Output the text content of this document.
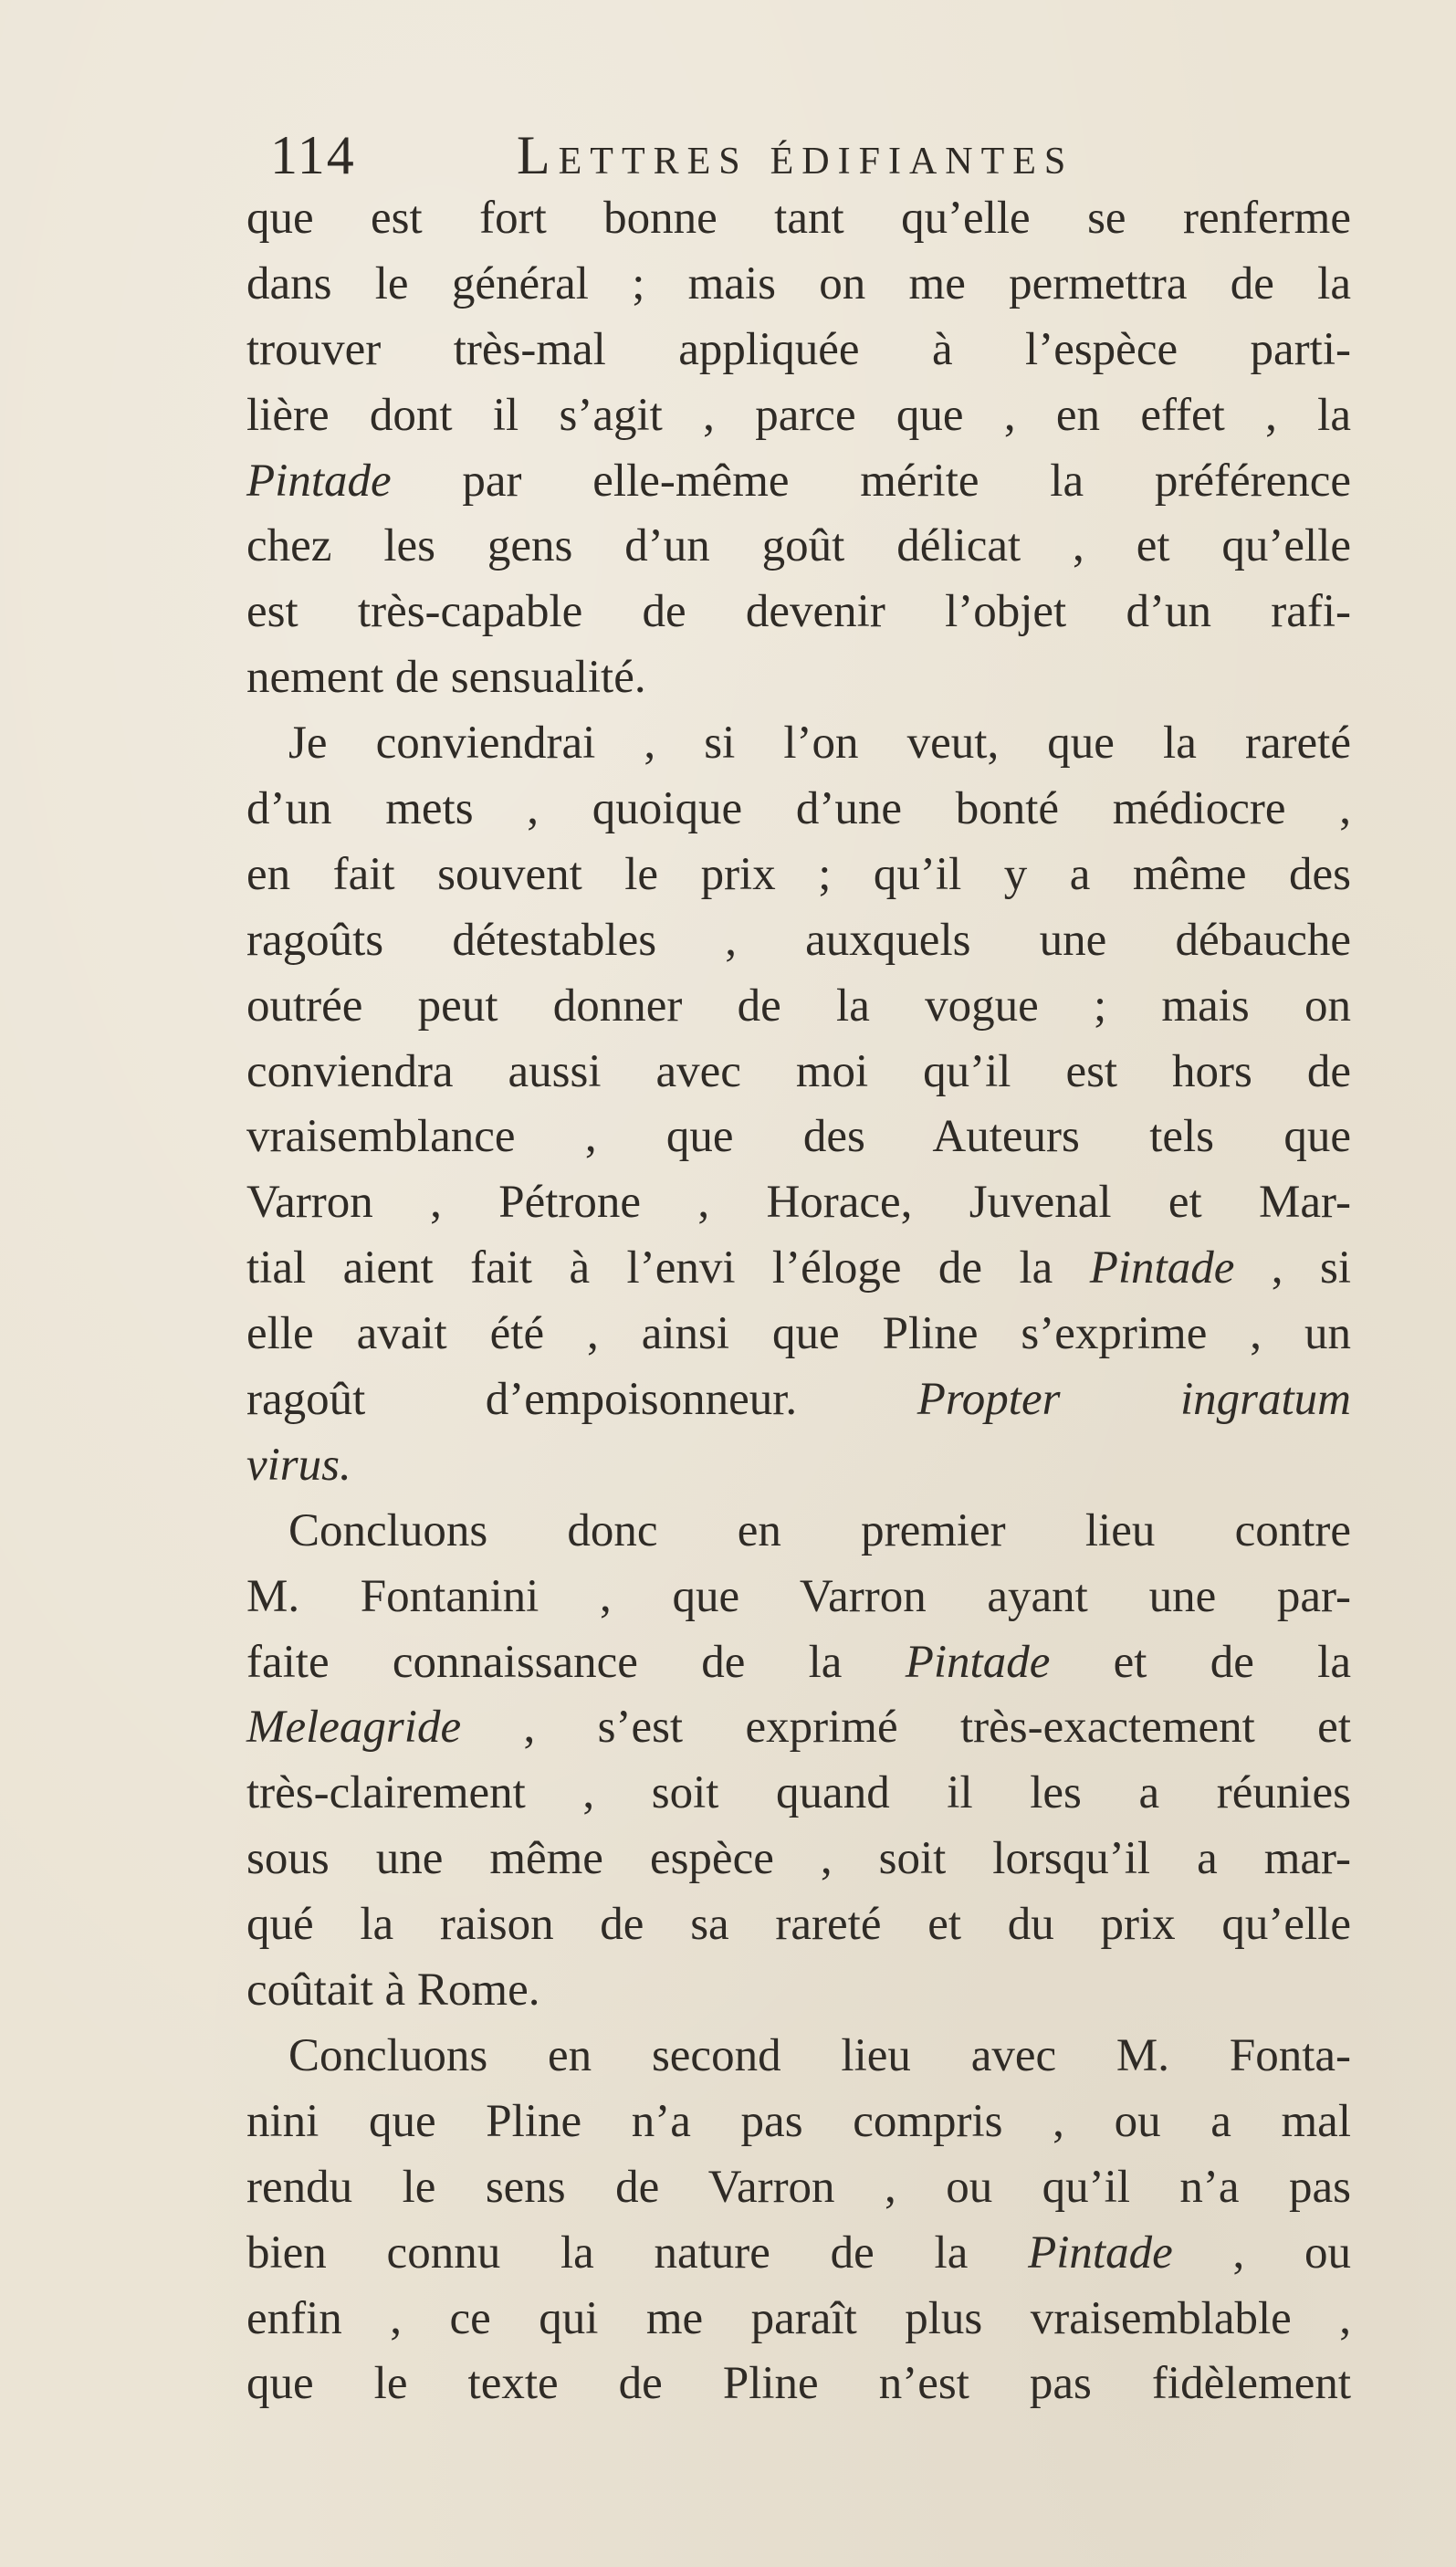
114	Lettres édifiantes
que est fort bonne tant qu’elle se renferme
dans le général ; mais on me permettra de la
trouver très-mal appliquée à l’espèce parti-
lière dont il s’agit , parce que , en effet , la
Pintade par elle-même mérite la préférence
chez les gens d’un goût délicat , et qu’elle
est très-capable de devenir l’objet d’un rafi-
nement de sensualité.
Je conviendrai , si l’on veut, que la rareté
d’un mets , quoique d’une bonté médiocre ,
en fait souvent le prix ; qu’il y a même des
ragoûts détestables , auxquels une débauche
outrée peut donner de la vogue ; mais on
conviendra aussi avec moi qu’il est hors de
vraisemblance , que des Auteurs tels que
Varron , Pétrone , Horace, Juvenal et Mar-
tial aient fait à l’envi l’éloge de la Pintade , si
elle avait été , ainsi que Pline s’exprime , un
ragoût d’empoisonneur. Propter ingratum
virus.
Concluons donc en premier lieu contre
M. Fontanini , que Varron ayant une par-
faite connaissance de la Pintade et de la
Meleagride , s’est exprimé très-exactement et
très-clairement , soit quand il les a réunies
sous une même espèce , soit lorsqu’il a mar-
qué la raison de sa rareté et du prix qu’elle
coûtait à Rome.
Concluons en second lieu avec M. Fonta-
nini que Pline n’a pas compris , ou a mal
rendu le sens de Varron , ou qu’il n’a pas
bien connu la nature de la Pintade , ou
enfin , ce qui me paraît plus vraisemblable ,
que le texte de Pline n’est pas fidèlement
